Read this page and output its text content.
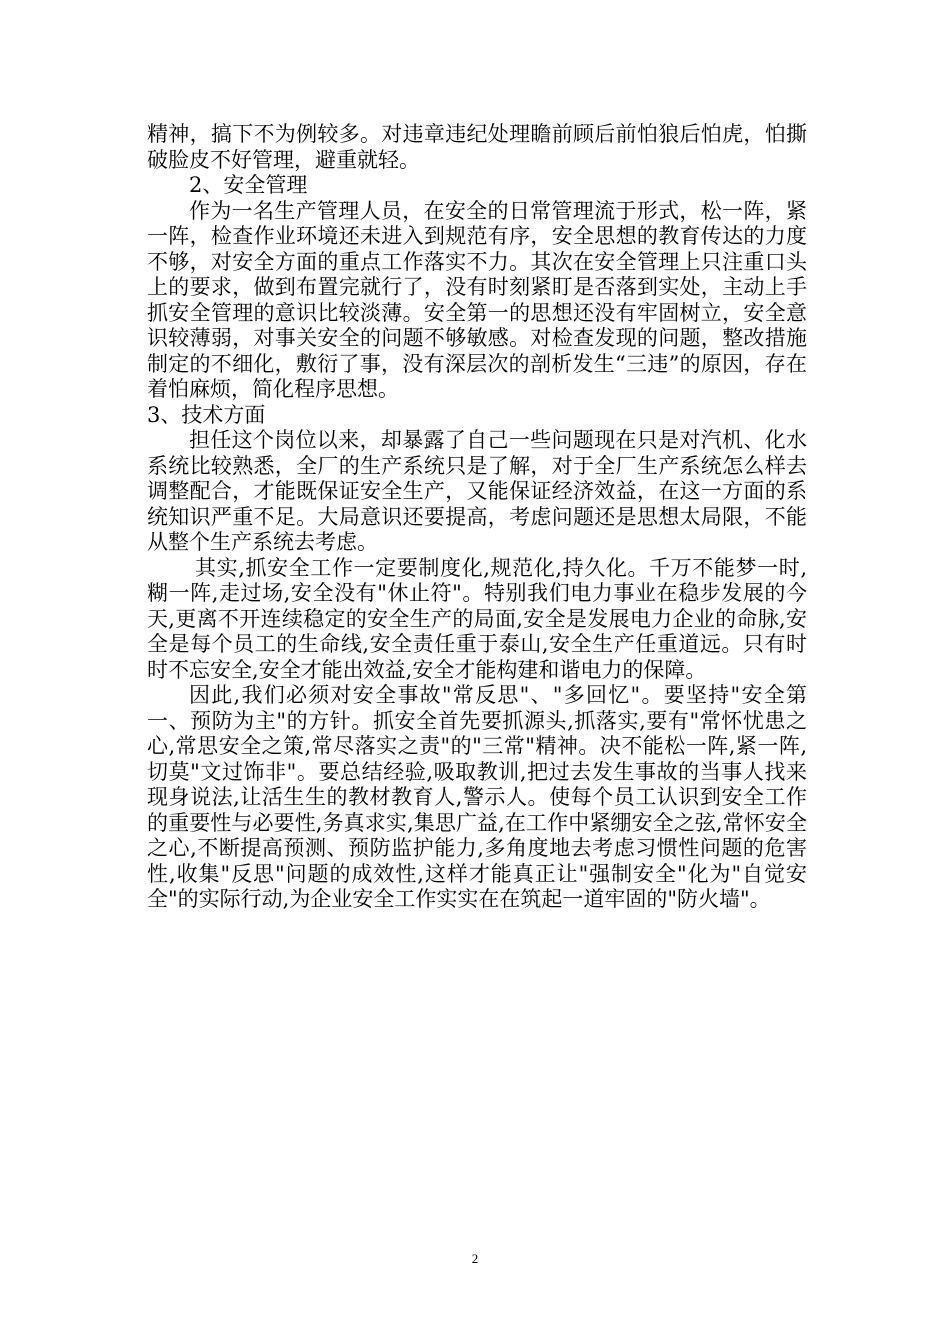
精神，搞下不为例较多。对违章违纪处理瞻前顾后前怕狼后怕虎，怕撕破脸皮不好管理，避重就轻。

2、安全管理

作为一名生产管理人员，在安全的日常管理流于形式，松一阵，紧一阵，检查作业环境还未进入到规范有序，安全思想的教育传达的力度不够，对安全方面的重点工作落实不力。其次在安全管理上只注重口头上的要求，做到布置完就行了，没有时刻紧盯是否落到实处，主动上手抓安全管理的意识比较淡薄。安全第一的思想还没有牢固树立，安全意识较薄弱，对事关安全的问题不够敏感。对检查发现的问题，整改措施制定的不细化，敷衍了事，没有深层次的剖析发生“三违”的原因，存在着怕麻烦，简化程序思想。

3、技术方面

担任这个岗位以来，却暴露了自己一些问题现在只是对汽机、化水系统比较熟悉，全厂的生产系统只是了解，对于全厂生产系统怎么样去调整配合，才能既保证安全生产，又能保证经济效益，在这一方面的系统知识严重不足。大局意识还要提高，考虑问题还是思想太局限，不能从整个生产系统去考虑。

其实,抓安全工作一定要制度化,规范化,持久化。千万不能梦一时,糊一阵,走过场,安全没有"休止符"。特别我们电力事业在稳步发展的今天,更离不开连续稳定的安全生产的局面,安全是发展电力企业的命脉,安全是每个员工的生命线,安全责任重于泰山,安全生产任重道远。只有时时不忘安全,安全才能出效益,安全才能构建和谐电力的保障。

因此,我们必须对安全事故"常反思"、"多回忆"。要坚持"安全第一、预防为主"的方针。抓安全首先要抓源头,抓落实,要有"常怀忧患之心,常思安全之策,常尽落实之责"的"三常"精神。决不能松一阵,紧一阵,切莫"文过饰非"。要总结经验,吸取教训,把过去发生事故的当事人找来现身说法,让活生生的教材教育人,警示人。使每个员工认识到安全工作的重要性与必要性,务真求实,集思广益,在工作中紧绷安全之弦,常怀安全之心,不断提高预测、预防监护能力,多角度地去考虑习惯性问题的危害性,收集"反思"问题的成效性,这样才能真正让"强制安全"化为"自觉安全"的实际行动,为企业安全工作实实在在筑起一道牢固的"防火墙"。

2
